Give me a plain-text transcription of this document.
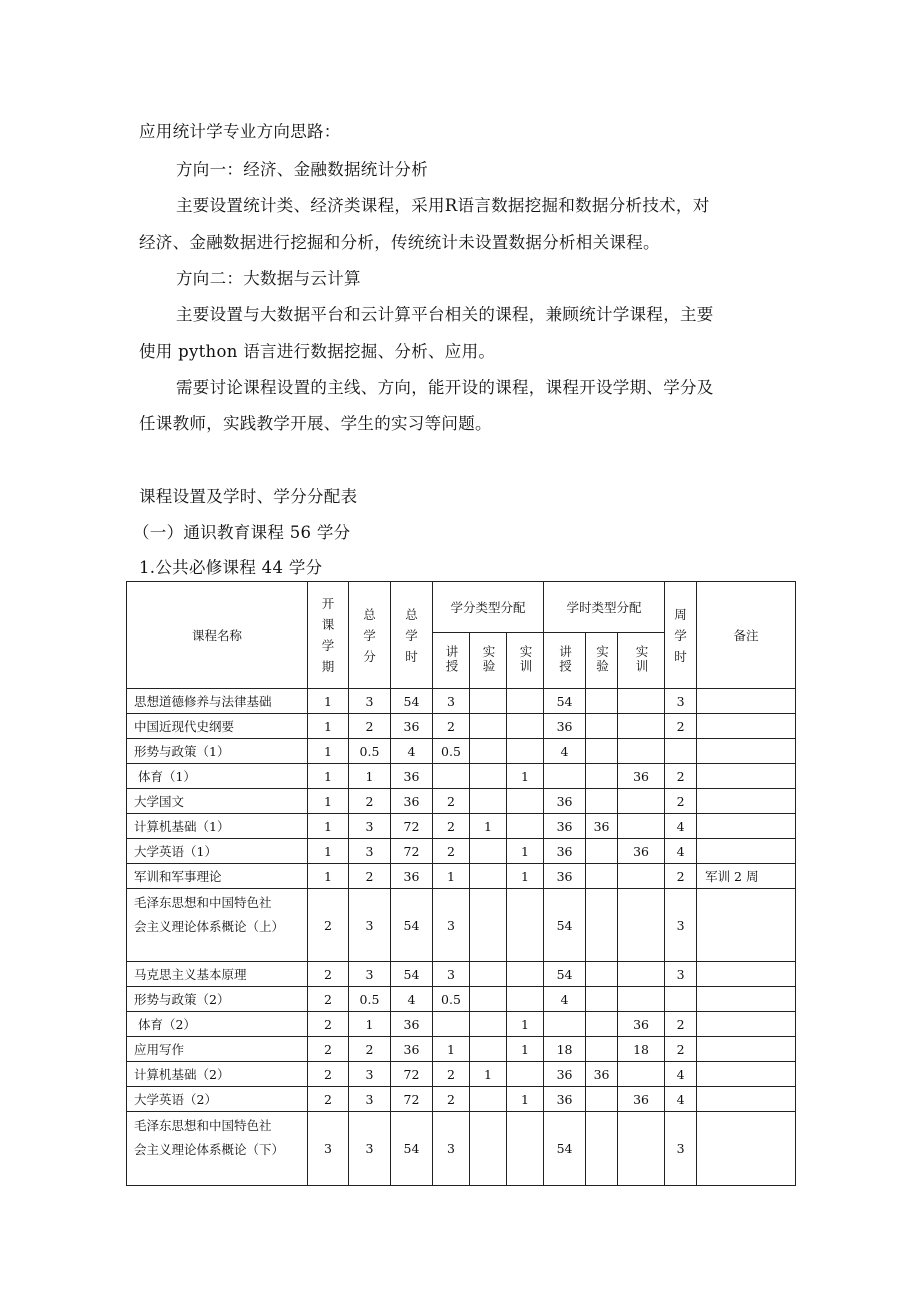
应用统计学专业方向思路：
方向一：经济、金融数据统计分析
主要设置统计类、经济类课程，采用R语言数据挖掘和数据分析技术，对
经济、金融数据进行挖掘和分析，传统统计未设置数据分析相关课程。
方向二：大数据与云计算
主要设置与大数据平台和云计算平台相关的课程，兼顾统计学课程，主要
使用 python 语言进行数据挖掘、分析、应用。
需要讨论课程设置的主线、方向，能开设的课程，课程开设学期、学分及
任课教师，实践教学开展、学生的实习等问题。
课程设置及学时、学分分配表
（一）通识教育课程 56 学分
1.公共必修课程 44 学分
课程名称	开
课
学
期	总
学
分	总
学
时	学分类型分配			学时类型分配			周
学
时	备注
				讲授	实验	实训	讲授	实验	实训		
思想道德修养与法律基础	1	3	54	3			54			3	
中国近现代史纲要	1	2	36	2			36			2	
形势与政策（1）	1	0.5	4	0.5			4				
体育（1）	1	1	36			1			36	2	
大学国文	1	2	36	2			36			2	
计算机基础（1）	1	3	72	2	1		36	36		4	
大学英语（1）	1	3	72	2		1	36		36	4	
军训和军事理论	1	2	36	1		1	36			2	军训 2 周

毛泽东思想和中国特色社
会主义理论体系概论（上）	2	3	54	3			54			3	
马克思主义基本原理	2	3	54	3			54			3	
形势与政策（2）	2	0.5	4	0.5			4				
体育（2）	2	1	36			1			36	2	
应用写作	2	2	36	1		1	18		18	2	
计算机基础（2）	2	3	72	2	1		36	36		4	
大学英语（2）	2	3	72	2		1	36		36	4	

毛泽东思想和中国特色社
会主义理论体系概论（下）	3	3	54	3			54			3	
